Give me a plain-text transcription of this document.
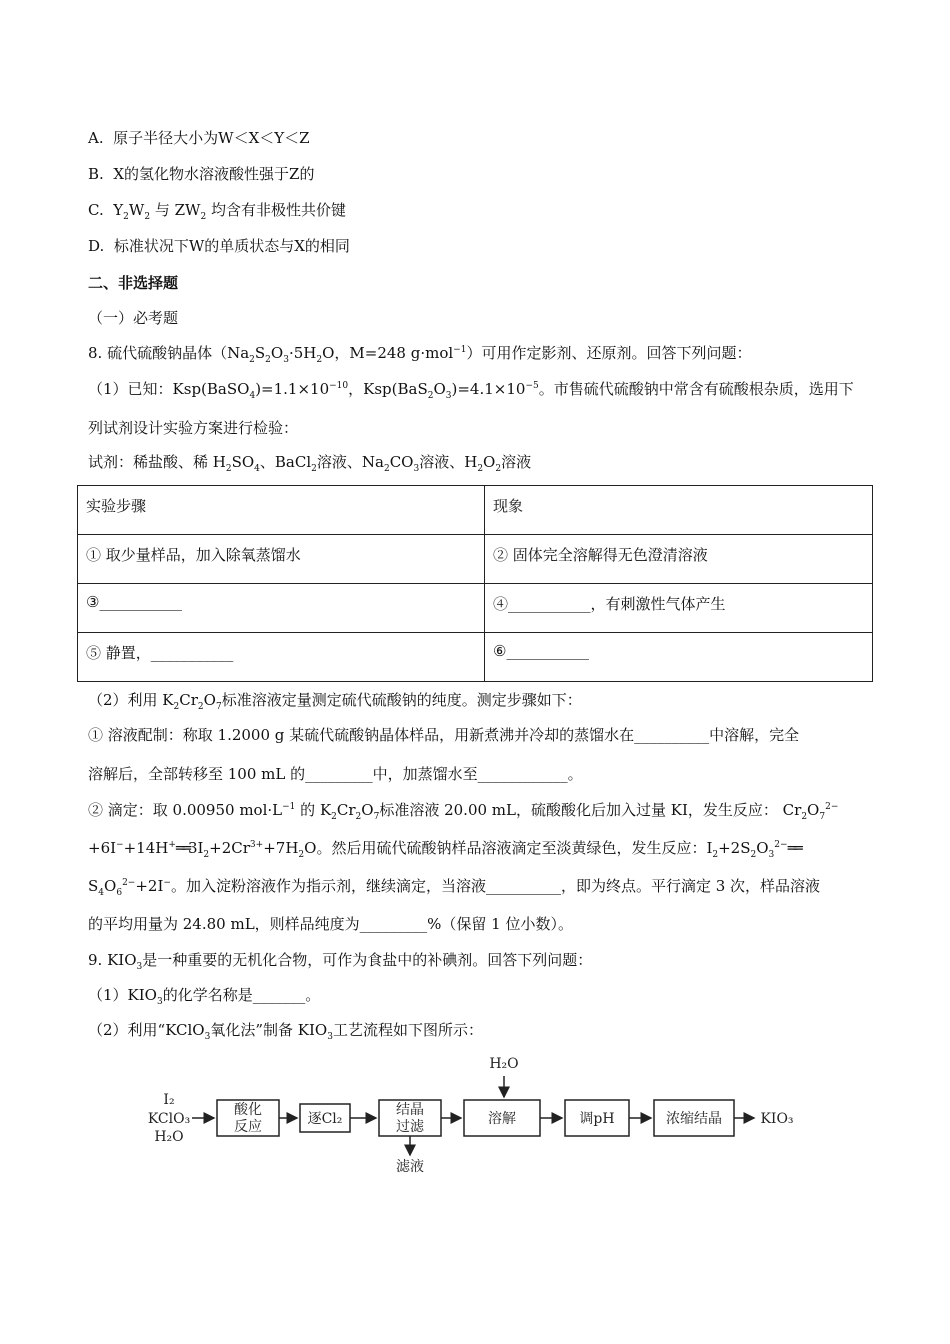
A. 原子半径大小为W＜X＜Y＜Z
B. X的氢化物水溶液酸性强于Z的
C.  $Y_2W_2$ 与 $ZW_2$ 均含有非极性共价键
D. 标准状况下W的单质状态与X的相同
二、非选择题
（一）必考题
8. 硫代硫酸钠晶体（$Na_2S_2O_3\cdot 5H_2O$，M=248 g·mol$^{-1}$）可用作定影剂、还原剂。回答下列问题：
（1）已知：$Ksp(BaSO_4)=1.1\times 10^{-10}$，$Ksp(BaS_2O_3)=4.1\times 10^{-5}$。市售硫代硫酸钠中常含有硫酸根杂质，选用下
列试剂设计实验方案进行检验：
试剂：稀盐酸、稀 $H_2SO_4$、BaCl$_2$溶液、$Na_2CO_3$溶液、$H_2O_2$溶液
实验步骤	现象
① 取少量样品，加入除氧蒸馏水	② 固体完全溶解得无色澄清溶液
③___________	④___________，有刺激性气体产生
⑤ 静置，___________	⑥___________
（2）利用 $K_2Cr_2O_7$标准溶液定量测定硫代硫酸钠的纯度。测定步骤如下：
① 溶液配制：称取 1.2000 g 某硫代硫酸钠晶体样品，用新煮沸并冷却的蒸馏水在__________中溶解，完全
溶解后，全部转移至 100 mL 的_________中，加蒸馏水至____________。
② 滴定：取 0.00950 $mol\cdot L^{-1}$ 的 $K_2Cr_2O_7$标准溶液 20.00 mL，硫酸酸化后加入过量 KI，发生反应： $Cr_2O_7^{2-}$
$+6I^-+14H^+══3I_2+2Cr^{3+}+7H_2O$。然后用硫代硫酸钠样品溶液滴定至淡黄绿色，发生反应：$I_2+2S_2O_3^{2-}══$
$S_4O_6^{2-}+2I^-$。加入淀粉溶液作为指示剂，继续滴定，当溶液__________，即为终点。平行滴定 3 次，样品溶液
的平均用量为 24.80 mL，则样品纯度为_________%（保留 1 位小数）。
9. $KIO_3$是一种重要的无机化合物，可作为食盐中的补碘剂。回答下列问题：
$(1)KIO_3$的化学名称是_______。
（2）利用“KClO$_3$氧化法”制备 $KIO_3$工艺流程如下图所示：
I₂
KClO₃
H₂O
酸化
反应	逐Cl₂
结晶
过滤
滤液
溶解
H₂O
调pH	浓缩结晶	KIO₃
